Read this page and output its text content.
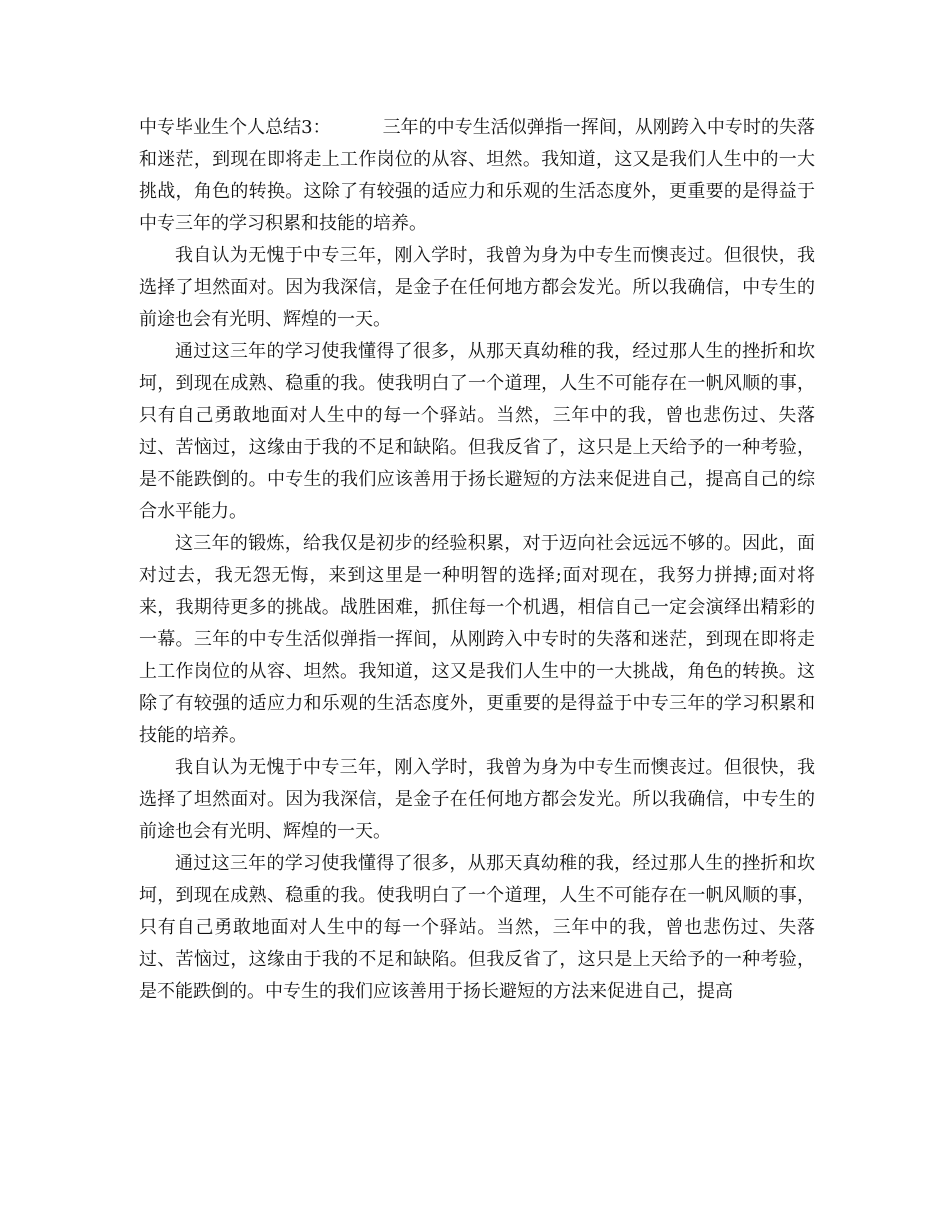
中专毕业生个人总结3：	三年的中专生活似弹指一挥间，从刚跨入中专时的失落和迷茫，到现在即将走上工作岗位的从容、坦然。我知道，这又是我们人生中的一大挑战，角色的转换。这除了有较强的适应力和乐观的生活态度外，更重要的是得益于中专三年的学习积累和技能的培养。

我自认为无愧于中专三年，刚入学时，我曾为身为中专生而懊丧过。但很快，我选择了坦然面对。因为我深信，是金子在任何地方都会发光。所以我确信，中专生的前途也会有光明、辉煌的一天。

通过这三年的学习使我懂得了很多，从那天真幼稚的我，经过那人生的挫折和坎坷，到现在成熟、稳重的我。使我明白了一个道理，人生不可能存在一帆风顺的事，只有自己勇敢地面对人生中的每一个驿站。当然，三年中的我，曾也悲伤过、失落过、苦恼过，这缘由于我的不足和缺陷。但我反省了，这只是上天给予的一种考验，是不能跌倒的。中专生的我们应该善用于扬长避短的方法来促进自己，提高自己的综合水平能力。

这三年的锻炼，给我仅是初步的经验积累，对于迈向社会远远不够的。因此，面对过去，我无怨无悔，来到这里是一种明智的选择;面对现在，我努力拼搏;面对将来，我期待更多的挑战。战胜困难，抓住每一个机遇，相信自己一定会演绎出精彩的一幕。三年的中专生活似弹指一挥间，从刚跨入中专时的失落和迷茫，到现在即将走上工作岗位的从容、坦然。我知道，这又是我们人生中的一大挑战，角色的转换。这除了有较强的适应力和乐观的生活态度外，更重要的是得益于中专三年的学习积累和技能的培养。

我自认为无愧于中专三年，刚入学时，我曾为身为中专生而懊丧过。但很快，我选择了坦然面对。因为我深信，是金子在任何地方都会发光。所以我确信，中专生的前途也会有光明、辉煌的一天。

通过这三年的学习使我懂得了很多，从那天真幼稚的我，经过那人生的挫折和坎坷，到现在成熟、稳重的我。使我明白了一个道理，人生不可能存在一帆风顺的事，只有自己勇敢地面对人生中的每一个驿站。当然，三年中的我，曾也悲伤过、失落过、苦恼过，这缘由于我的不足和缺陷。但我反省了，这只是上天给予的一种考验，是不能跌倒的。中专生的我们应该善用于扬长避短的方法来促进自己，提高
